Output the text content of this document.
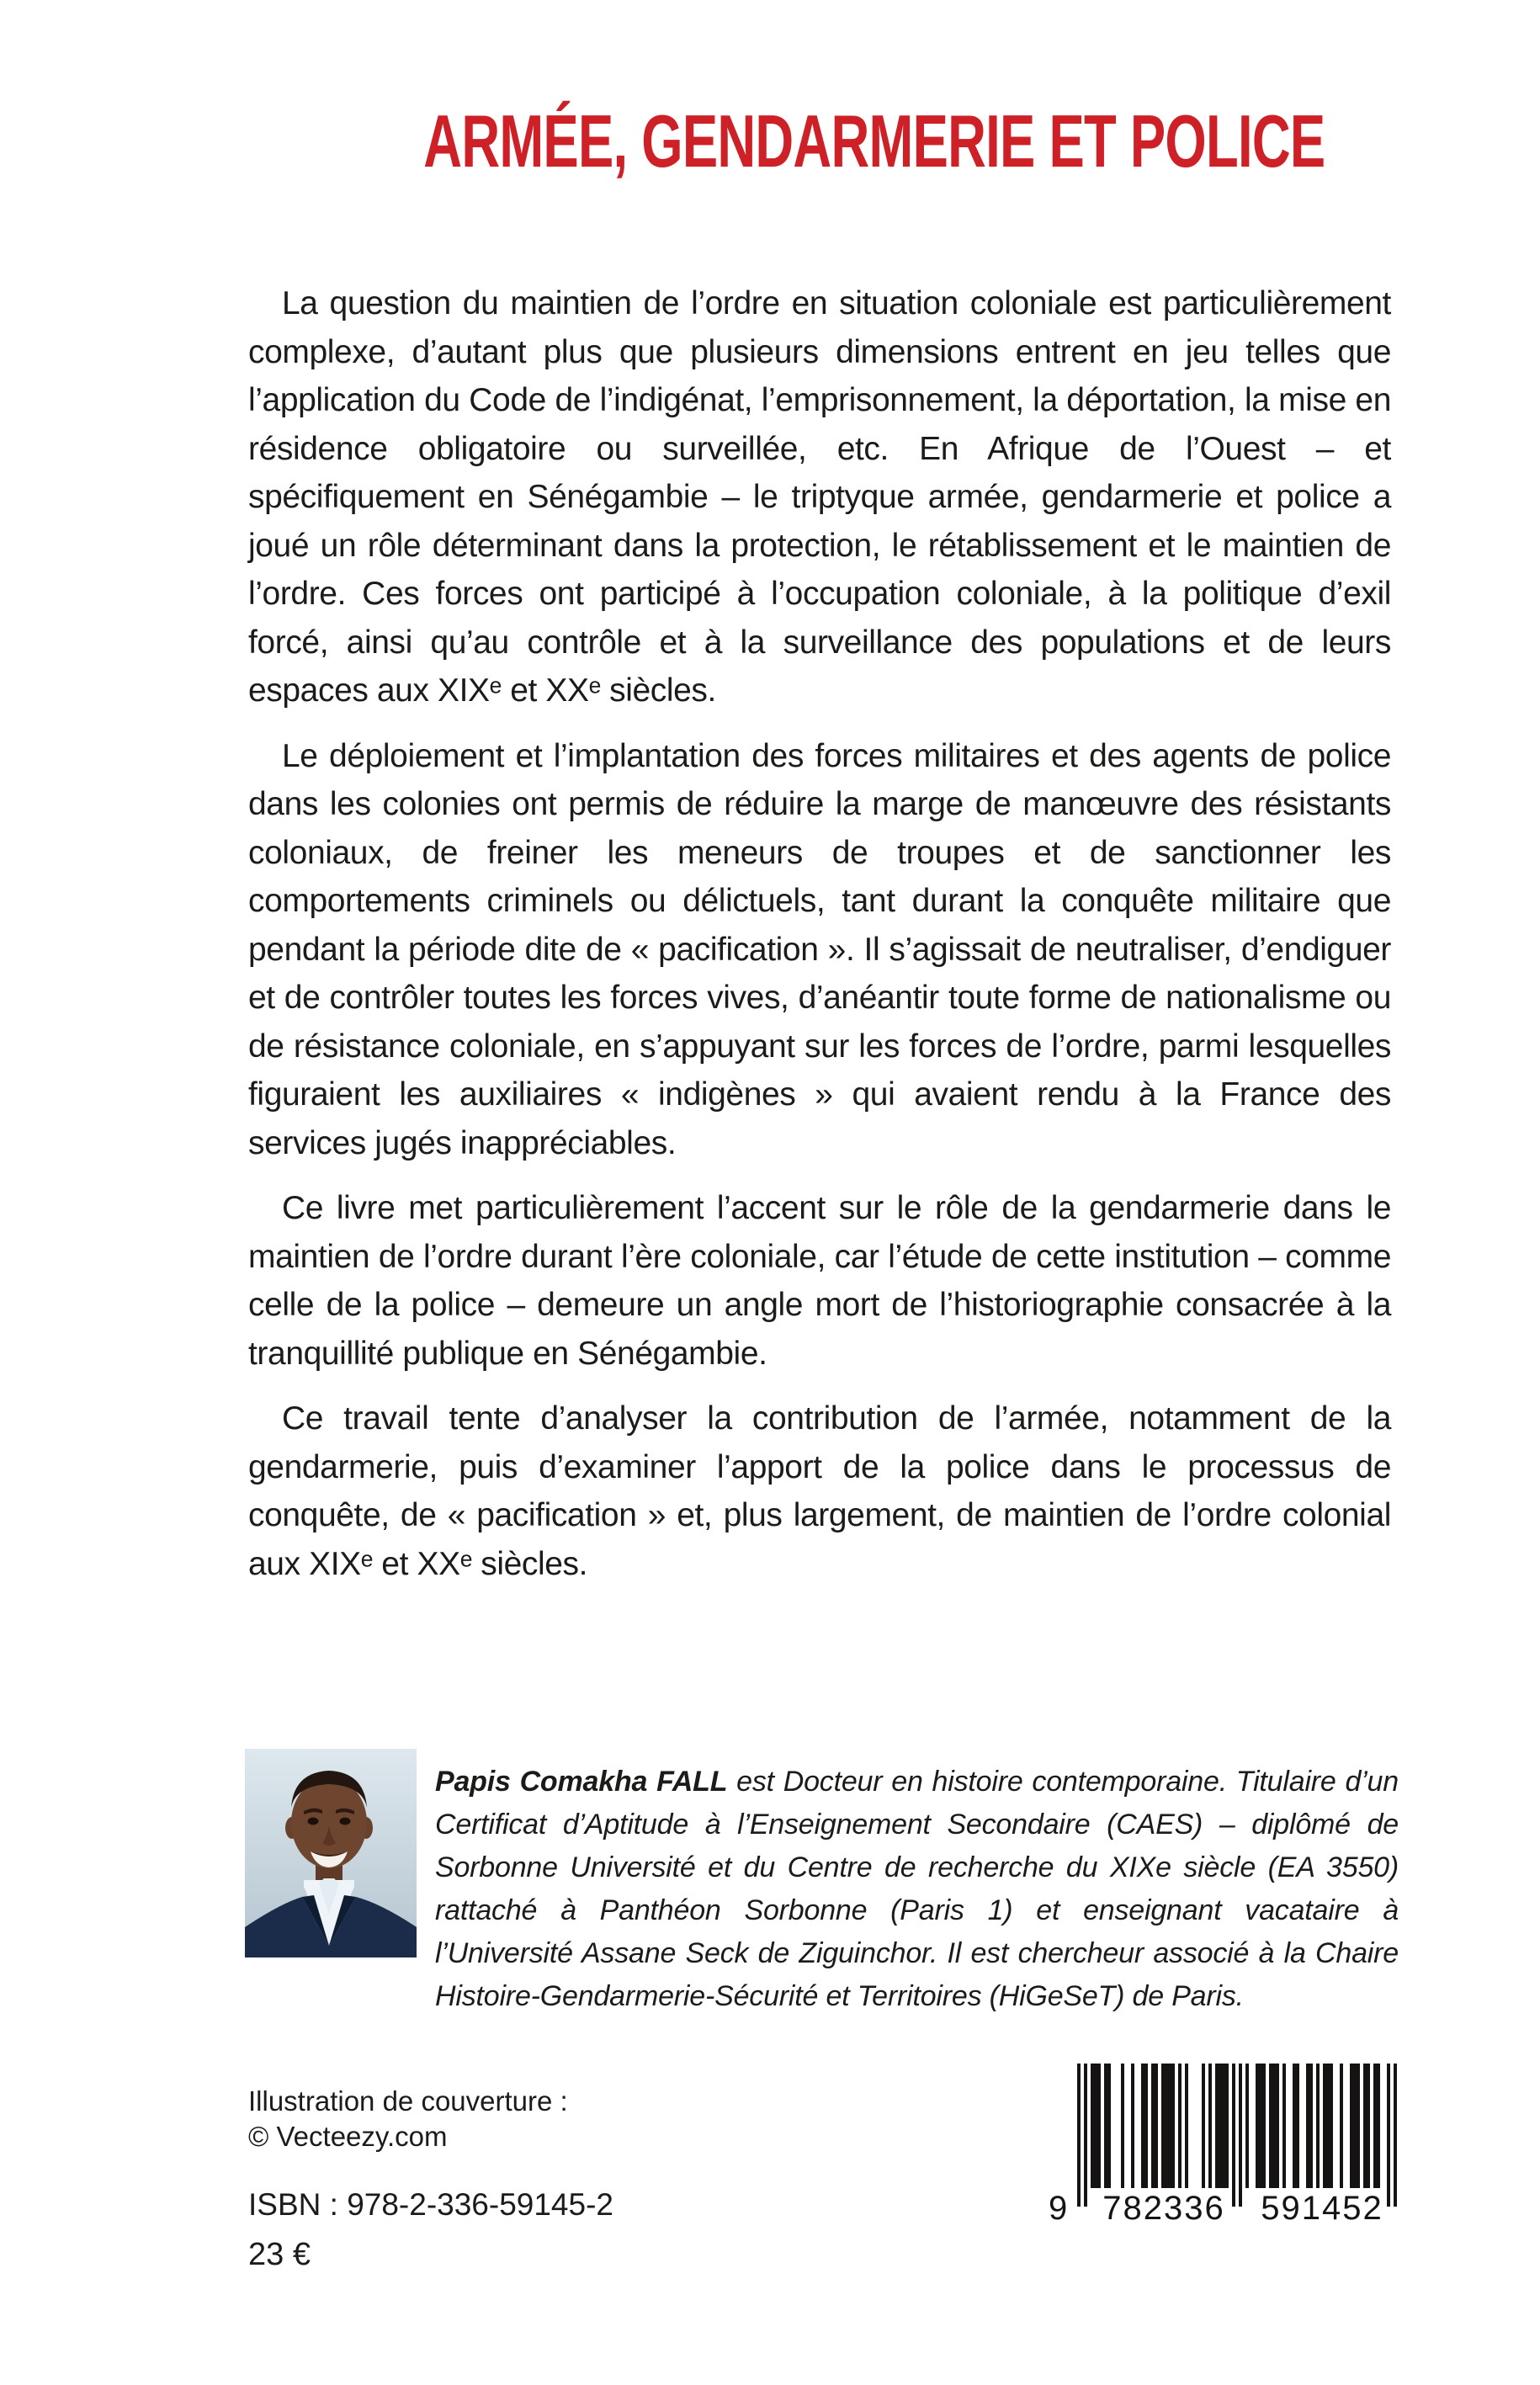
ARMÉE, GENDARMERIE ET POLICE

La question du maintien de l’ordre en situation coloniale est particulièrement complexe, d’autant plus que plusieurs dimensions entrent en jeu telles que l’application du Code de l’indigénat, l’emprisonnement, la déportation, la mise en résidence obligatoire ou surveillée, etc. En Afrique de l’Ouest – et spécifiquement en Sénégambie – le triptyque armée, gendarmerie et police a joué un rôle déterminant dans la protection, le rétablissement et le maintien de l’ordre. Ces forces ont participé à l’occupation coloniale, à la politique d’exil forcé, ainsi qu’au contrôle et à la surveillance des populations et de leurs espaces aux XIXᵉ et XXᵉ siècles.

Le déploiement et l’implantation des forces militaires et des agents de police dans les colonies ont permis de réduire la marge de manœuvre des résistants coloniaux, de freiner les meneurs de troupes et de sanctionner les comportements criminels ou délictuels, tant durant la conquête militaire que pendant la période dite de « pacification ». Il s’agissait de neutraliser, d’endiguer et de contrôler toutes les forces vives, d’anéantir toute forme de nationalisme ou de résistance coloniale, en s’appuyant sur les forces de l’ordre, parmi lesquelles figuraient les auxiliaires « indigènes » qui avaient rendu à la France des services jugés inappréciables.

Ce livre met particulièrement l’accent sur le rôle de la gendarmerie dans le maintien de l’ordre durant l’ère coloniale, car l’étude de cette institution – comme celle de la police – demeure un angle mort de l’historiographie consacrée à la tranquillité publique en Sénégambie.

Ce travail tente d’analyser la contribution de l’armée, notamment de la gendarmerie, puis d’examiner l’apport de la police dans le processus de conquête, de « pacification » et, plus largement, de maintien de l’ordre colonial aux XIXᵉ et XXᵉ siècles.

Papis Comakha FALL est Docteur en histoire contemporaine. Titulaire d’un Certificat d’Aptitude à l’Enseignement Secondaire (CAES) – diplômé de Sorbonne Université et du Centre de recherche du XIXe siècle (EA 3550) rattaché à Panthéon Sorbonne (Paris 1) et enseignant vacataire à l’Université Assane Seck de Ziguinchor. Il est chercheur associé à la Chaire Histoire-Gendarmerie-Sécurité et Territoires (HiGeSeT) de Paris.

Illustration de couverture :
© Vecteezy.com
ISBN : 978-2-336-59145-2
23 €
9 782336 591452
